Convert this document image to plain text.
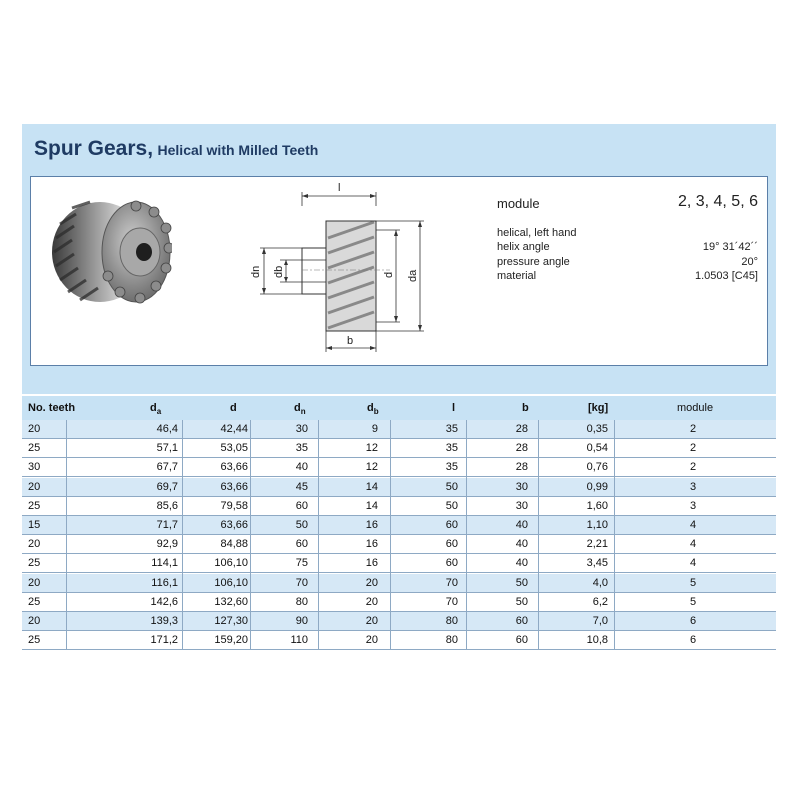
Spur Gears, Helical with Milled Teeth
l
dn db	d da
b
module	2, 3, 4, 5, 6
helical, left hand
helix angle	19° 31´42´´
pressure angle	20°
material	1.0503 [C45]
No. teeth	$d_a$	d	$d_n$	$d_b$	l	b	[kg]	module
20	46,4	42,44	30	9	35	28	0,35	2
25	57,1	53,05	35	12	35	28	0,54	2
30	67,7	63,66	40	12	35	28	0,76	2
20	69,7	63,66	45	14	50	30	0,99	3
25	85,6	79,58	60	14	50	30	1,60	3
15	71,7	63,66	50	16	60	40	1,10	4
20	92,9	84,88	60	16	60	40	2,21	4
25	114,1	106,10	75	16	60	40	3,45	4
20	116,1	106,10	70	20	70	50	4,0	5
25	142,6	132,60	80	20	70	50	6,2	5
20	139,3	127,30	90	20	80	60	7,0	6
25	171,2	159,20	110	20	80	60	10,8	6
